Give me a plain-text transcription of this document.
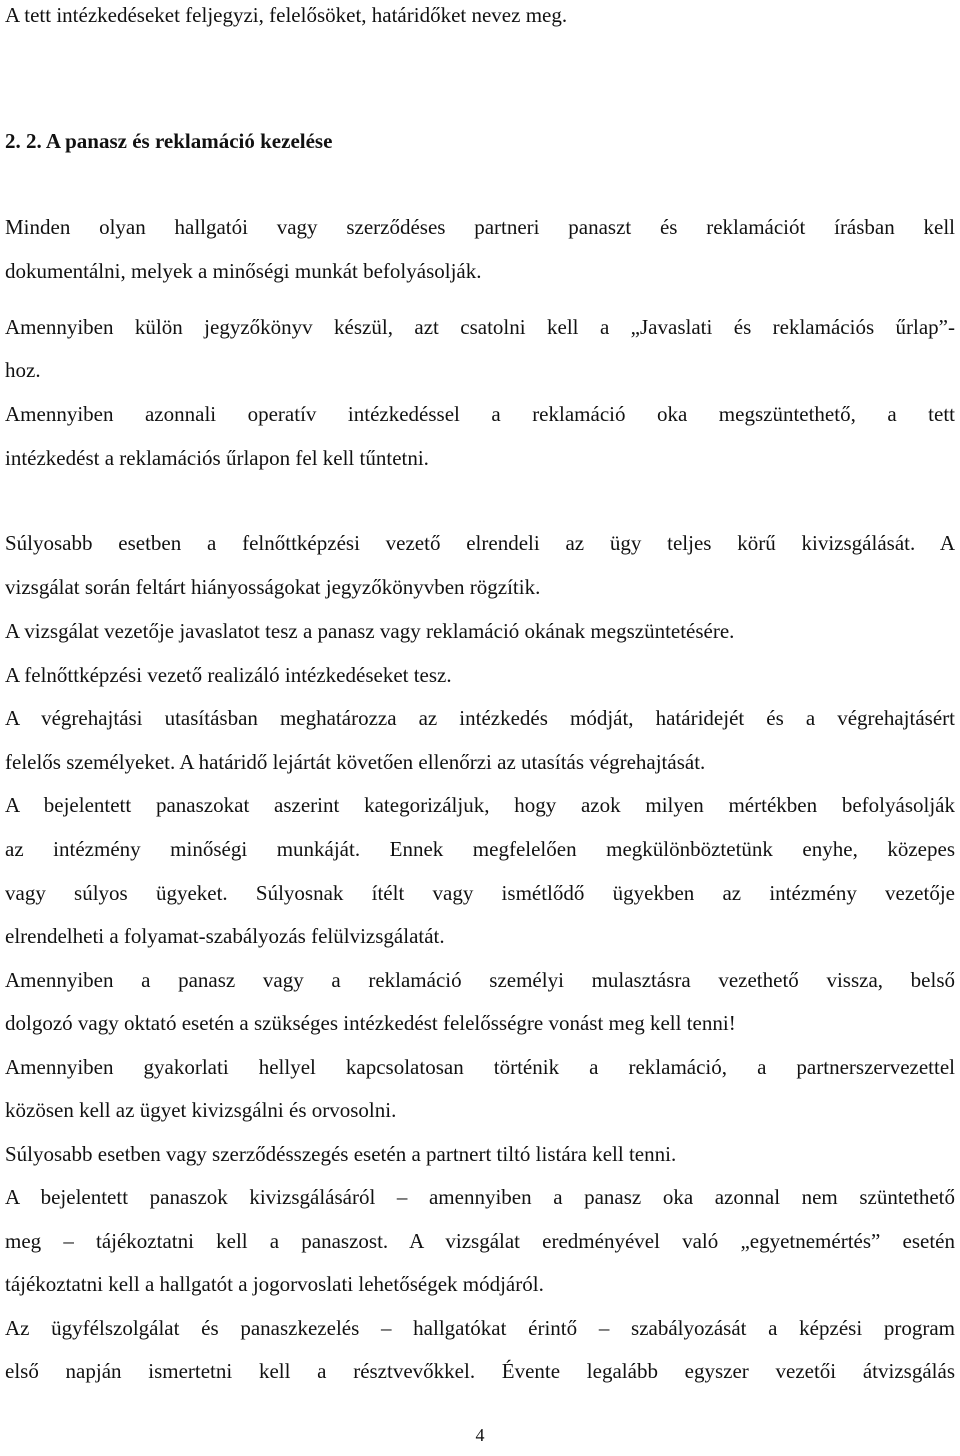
A tett intézkedéseket feljegyzi, felelősöket, határidőket nevez meg.
2. 2. A panasz és reklamáció kezelése
Minden olyan hallgatói vagy szerződéses partneri panaszt és reklamációt írásban kell
dokumentálni, melyek a minőségi munkát befolyásolják.
Amennyiben külön jegyzőkönyv készül, azt csatolni kell a „Javaslati és reklamációs űrlap”-
hoz.
Amennyiben azonnali operatív intézkedéssel a reklamáció oka megszüntethető, a tett
intézkedést a reklamációs űrlapon fel kell tűntetni.
Súlyosabb esetben a felnőttképzési vezető elrendeli az ügy teljes körű kivizsgálását. A
vizsgálat során feltárt hiányosságokat jegyzőkönyvben rögzítik.
A vizsgálat vezetője javaslatot tesz a panasz vagy reklamáció okának megszüntetésére.
A felnőttképzési vezető realizáló intézkedéseket tesz.
A végrehajtási utasításban meghatározza az intézkedés módját, határidejét és a végrehajtásért
felelős személyeket. A határidő lejártát követően ellenőrzi az utasítás végrehajtását.
A bejelentett panaszokat aszerint kategorizáljuk, hogy azok milyen mértékben befolyásolják
az intézmény minőségi munkáját. Ennek megfelelően megkülönböztetünk enyhe, közepes
vagy súlyos ügyeket. Súlyosnak ítélt vagy ismétlődő ügyekben az intézmény vezetője
elrendelheti a folyamat-szabályozás felülvizsgálatát.
Amennyiben a panasz vagy a reklamáció személyi mulasztásra vezethető vissza, belső
dolgozó vagy oktató esetén a szükséges intézkedést felelősségre vonást meg kell tenni!
Amennyiben gyakorlati hellyel kapcsolatosan történik a reklamáció, a partnerszervezettel
közösen kell az ügyet kivizsgálni és orvosolni.
Súlyosabb esetben vagy szerződésszegés esetén a partnert tiltó listára kell tenni.
A bejelentett panaszok kivizsgálásáról – amennyiben a panasz oka azonnal nem szüntethető
meg – tájékoztatni kell a panaszost. A vizsgálat eredményével való „egyetnemértés” esetén
tájékoztatni kell a hallgatót a jogorvoslati lehetőségek módjáról.
Az ügyfélszolgálat és panaszkezelés – hallgatókat érintő – szabályozását a képzési program
első napján ismertetni kell a résztvevőkkel. Évente legalább egyszer vezetői átvizsgálás
4
